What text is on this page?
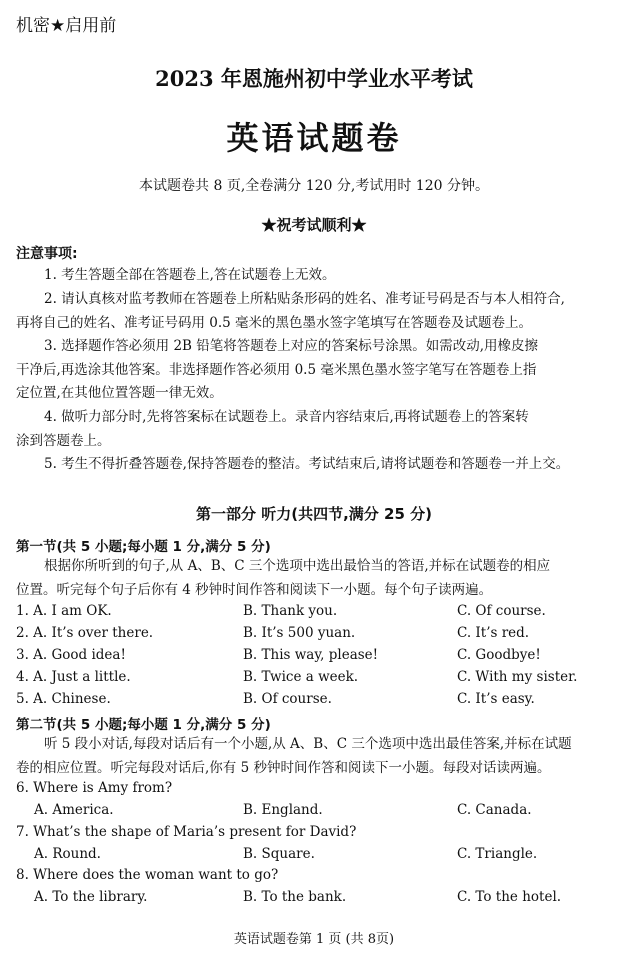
机密★启用前
2023 年恩施州初中学业水平考试
英语试题卷
本试题卷共 8 页,全卷满分 120 分,考试用时 120 分钟。
★祝考试顺利★
注意事项:
1. 考生答题全部在答题卷上,答在试题卷上无效。
2. 请认真核对监考教师在答题卷上所粘贴条形码的姓名、准考证号码是否与本人相符合,
再将自己的姓名、准考证号码用 0.5 毫米的黑色墨水签字笔填写在答题卷及试题卷上。
3. 选择题作答必须用 2B 铅笔将答题卷上对应的答案标号涂黑。如需改动,用橡皮擦
干净后,再选涂其他答案。非选择题作答必须用 0.5 毫米黑色墨水签字笔写在答题卷上指
定位置,在其他位置答题一律无效。
4. 做听力部分时,先将答案标在试题卷上。录音内容结束后,再将试题卷上的答案转
涂到答题卷上。
5. 考生不得折叠答题卷,保持答题卷的整洁。考试结束后,请将试题卷和答题卷一并上交。
第一部分 听力(共四节,满分 25 分)
第一节(共 5 小题;每小题 1 分,满分 5 分)
根据你所听到的句子,从 A、B、C 三个选项中选出最恰当的答语,并标在试题卷的相应
位置。听完每个句子后你有 4 秒钟时间作答和阅读下一小题。每个句子读两遍。
1. A. I am OK.	B. Thank you.	C. Of course.
2. A. It’s over there.	B. It’s 500 yuan.	C. It’s red.
3. A. Good idea!	B. This way, please!	C. Goodbye!
4. A. Just a little.	B. Twice a week.	C. With my sister.
5. A. Chinese.	B. Of course.	C. It’s easy.
第二节(共 5 小题;每小题 1 分,满分 5 分)
听 5 段小对话,每段对话后有一个小题,从 A、B、C 三个选项中选出最佳答案,并标在试题
卷的相应位置。听完每段对话后,你有 5 秒钟时间作答和阅读下一小题。每段对话读两遍。
6. Where is Amy from?
A. America.	B. England.	C. Canada.
7. What’s the shape of Maria’s present for David?
A. Round.	B. Square.	C. Triangle.
8. Where does the woman want to go?
A. To the library.	B. To the bank.	C. To the hotel.
英语试题卷第 1 页 (共 8页)
